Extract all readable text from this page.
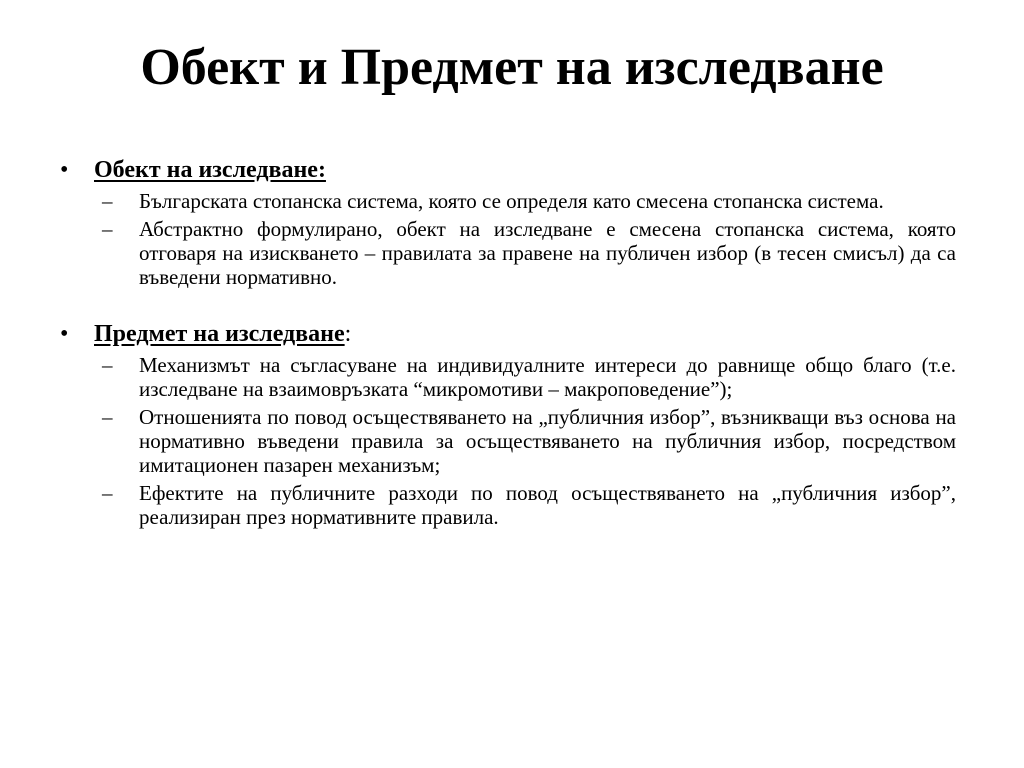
Обект и Предмет на изследване
•	Обект на изследване:
–	Българската стопанска система, която се определя като смесена стопанска система.
–	Абстрактно формулирано, обект на изследване е смесена стопанска система, която отговаря на изискването – правилата за правене на публичен избор (в тесен смисъл) да са въведени нормативно.
•	Предмет на изследване:
–	Механизмът на съгласуване на индивидуалните интереси до равнище общо благо (т.е. изследване на взаимовръзката “микромотиви – макроповедение”);
–	Отношенията по повод осъществяването на „публичния избор”, възникващи въз основа на нормативно въведени правила за осъществяването на публичния избор, посредством имитационен пазарен механизъм;
–	Ефектите на публичните разходи по повод осъществяването на „публичния избор”, реализиран през нормативните правила.
